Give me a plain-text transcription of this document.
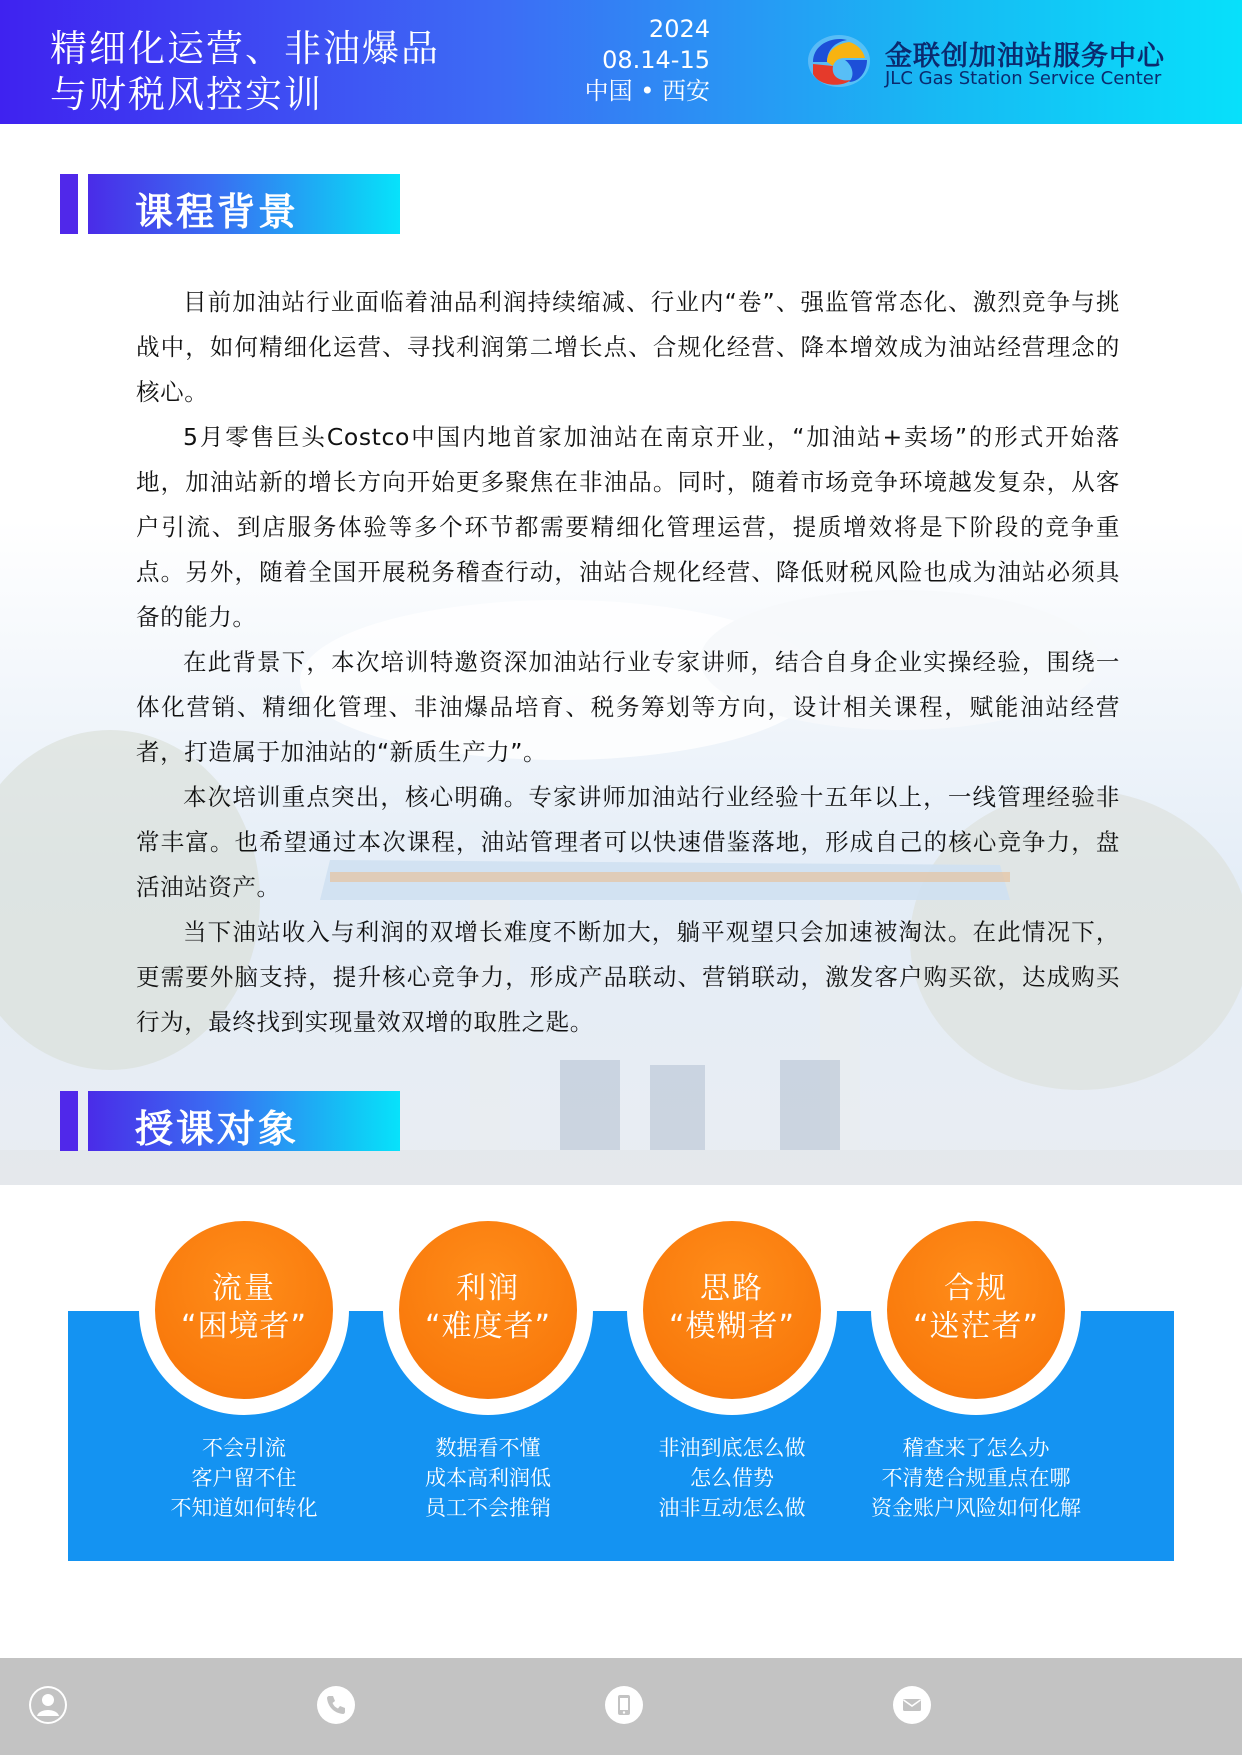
精细化运营、非油爆品
与财税风控实训
2024
08.14-15
中国 • 西安
金联创加油站服务中心
JLC Gas Station Service Center
课程背景

目前加油站行业面临着油品利润持续缩减、行业内“卷”、强监管常态化、激烈竞争与挑战中，如何精细化运营、寻找利润第二增长点、合规化经营、降本增效成为油站经营理念的核心。

5月零售巨头Costco中国内地首家加油站在南京开业，“加油站+卖场”的形式开始落地，加油站新的增长方向开始更多聚焦在非油品。同时，随着市场竞争环境越发复杂，从客户引流、到店服务体验等多个环节都需要精细化管理运营，提质增效将是下阶段的竞争重点。另外，随着全国开展税务稽查行动，油站合规化经营、降低财税风险也成为油站必须具备的能力。

在此背景下，本次培训特邀资深加油站行业专家讲师，结合自身企业实操经验，围绕一体化营销、精细化管理、非油爆品培育、税务筹划等方向，设计相关课程，赋能油站经营者，打造属于加油站的“新质生产力”。

本次培训重点突出，核心明确。专家讲师加油站行业经验十五年以上，一线管理经验非常丰富。也希望通过本次课程，油站管理者可以快速借鉴落地，形成自己的核心竞争力，盘活油站资产。

当下油站收入与利润的双增长难度不断加大，躺平观望只会加速被淘汰。在此情况下，更需要外脑支持，提升核心竞争力，形成产品联动、营销联动，激发客户购买欲，达成购买行为，最终找到实现量效双增的取胜之匙。

授课对象
流量
“困境者”
利润
“难度者”
思路
“模糊者”
合规
“迷茫者”
不会引流
客户留不住
不知道如何转化
数据看不懂
成本高利润低
员工不会推销
非油到底怎么做
怎么借势
油非互动怎么做
稽查来了怎么办
不清楚合规重点在哪
资金账户风险如何化解
